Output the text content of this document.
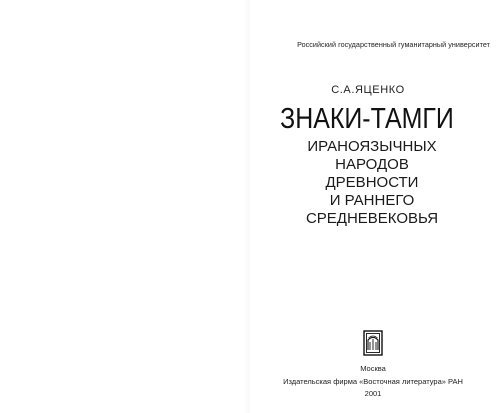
Российский государственный гуманитарный университет
С.А.ЯЦЕНКО
ЗНАКИ-ТАМГИ
ИРАНОЯЗЫЧНЫХ
НАРОДОВ
ДРЕВНОСТИ
И РАННЕГО
СРЕДНЕВЕКОВЬЯ
Москва
Издательская фирма «Восточная литература» РАН
2001
